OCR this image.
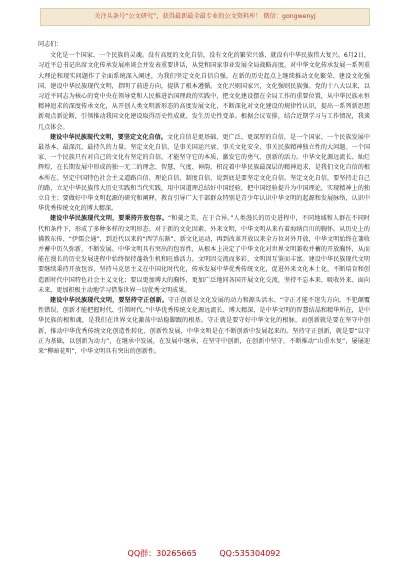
关注头条号“公文研究”，获得最新最全最专业的公文资料库！ 微信：gongwenyj

同志们：

文化是一个国家、一个民族的灵魂。没有高度的文化自信，没有文化的繁荣兴盛，就没有中华民族伟大复兴。6月2日，习近平总书记出席文化传承发展座谈会并发表重要讲话，从党和国家事业发展全局战略高度，对中华文化传承发展一系列重大理论和现实问题作了全面系统深入阐述，为我们坚定文化自信自强，在新的历史起点上继续推动文化繁荣、建设文化强国、建设中华民族现代文明，指明了前进方向，提供了根本遵循。文化兴则国家兴，文化强则民族强。党的十八大以来，以习近平同志为核心的党中央在领导党和人民推进治国理政的实践中，把文化建设摆在全局工作的重要位置，从中华民族永恒精神追求的深度传承文化，从开创人类文明新形态的高度发展文化，不断深化对文化建设的规律性认识，提出一系列新思想新观点新论断，引领推动我国文化建设取得历史性成就、发生历史性变革。根据会议安排，结合近期学习与工作情况，我谈几点体会。

建设中华民族现代文明，要坚定文化自信。文化自信是更基础、更广泛、更深厚的自信，是一个国家、一个民族发展中最基本、最深沉、最持久的力量。坚定文化自信，是事关国运兴衰、事关文化安全、事关民族精神独立性的大问题。一个国家、一个民族只有对自己的文化有坚定的自信，才能坚守它的本质，激发它的勇气、创新的活力。中华文化源远流长、灿烂辉煌，在长期发展中形成的独一无二的理念、智慧、气度、神韵，积淀着中华民族最深层的精神追求，是我们文化自信的根本所在。坚定中国特色社会主义道路自信、理论自信、制度自信，说到底是要坚定文化自信。坚定文化自信，要坚持走自己的路，立足中华民族伟大历史实践和当代实践，用中国道理总结好中国经验，把中国经验提升为中国理论，实现精神上的独立自主；要做好中华文明起源的研究和阐释，教育引导广大干部群众特别是青少年认识中华文明的起源和发展脉络，认识中华优秀传统文化的博大精深。

建设中华民族现代文明，要秉持开放包容。“和羹之美，在于合异。”人类漫长的历史进程中，不同地域和人群在不同时代和条件下，形成了多种多样的文明形态。对于新的文化因素、外来文明，中华文明从来有着海纳百川的胸怀。从历史上的佛教东传、“伊儒会通”，到近代以来的“西学东渐”、新文化运动，再到改革开放以来全方位对外开放，中华文明始终在兼收并蓄中历久弥新，不断发展。中华文明具有突出的包容性，从根本上决定了中华文化对世界文明兼收并蓄的开放胸怀，从而能在漫长的历史发展进程中始终保持蓬勃生机和旺盛活力。文明因交流而多彩，文明因互鉴而丰富。建设中华民族现代文明要继续秉持开放包容，坚持马克思主义在中国化时代化，传承发展中华优秀传统文化，促进外来文化本土化，不断培育和创造新时代中国特色社会主义文化；要以更加博大的胸怀，更加广泛地同各国开展文化交流，坚持不忘本来、吸收外来、面向未来，更加积极主动地学习借鉴世界一切优秀文明成果。

建设中华民族现代文明，要坚持守正创新。守正创新是文化发展的动力和源头活水。“守正才能不迷失方向、不犯颠覆性错误，创新才能把握时代、引领时代。”中华优秀传统文化源远流长、博大精深，是中华文明的智慧结晶和精华所在，是中华民族的根和魂，是我们在世界文化激荡中站稳脚跟的根基。守正就是要守好中华文化的根脉，而创新就是要在坚守中创新，推动中华优秀传统文化创造性转化、创新性发展，中华文明是在不断创新中发展起来的。坚持守正创新，就是要“以守正为基础，以创新为动力”，在继承中发展，在发展中继承，在坚守中创新，在创新中坚守，不断推动“山重水复”，屡屡迎来“柳暗花明”，中华文明具有突出的创新性。

QQ群：30265665	QQ:535304092
